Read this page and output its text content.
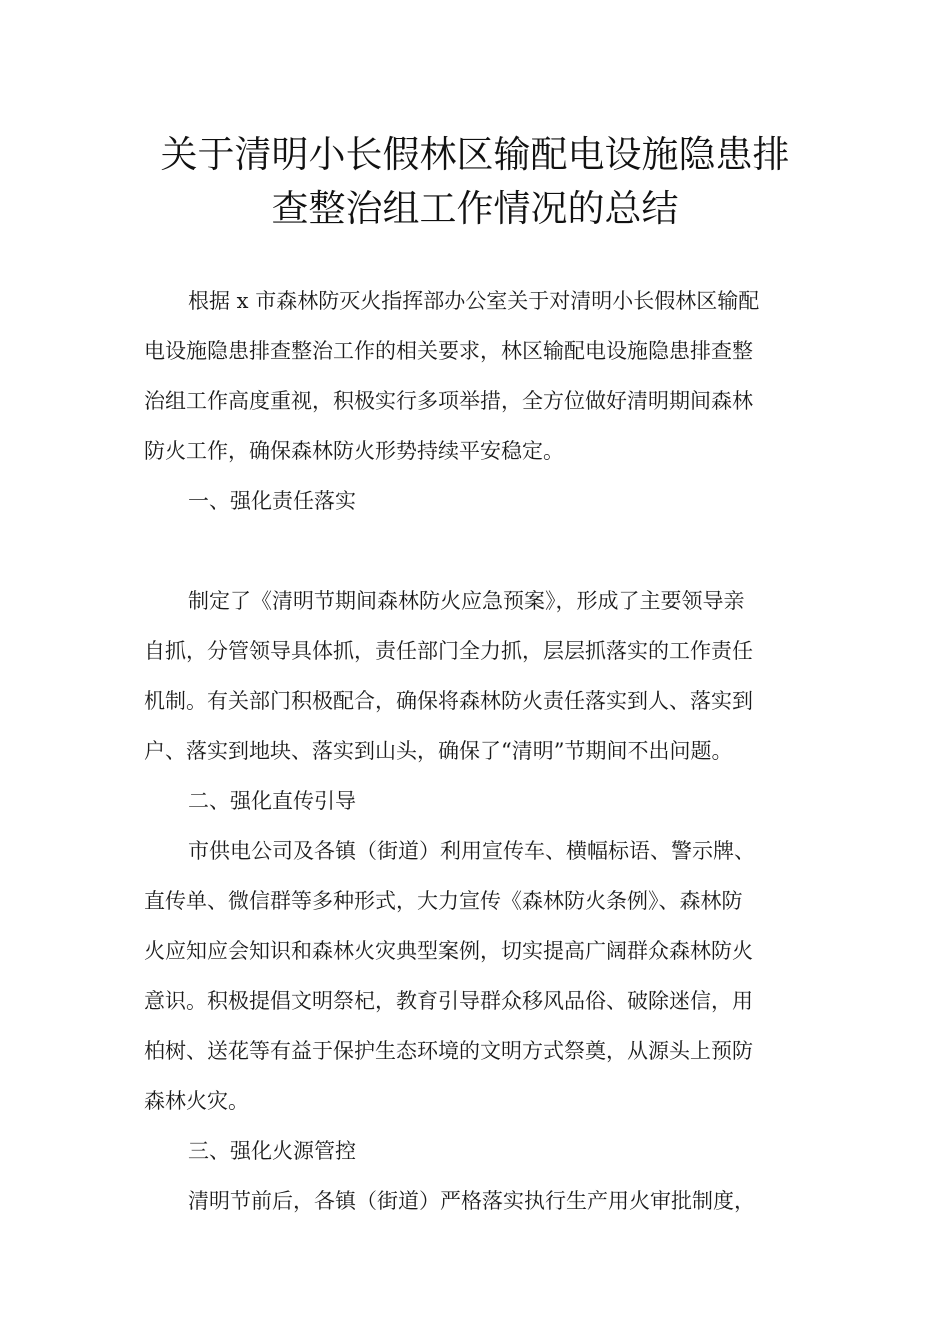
关于清明小长假林区输配电设施隐患排
查整治组工作情况的总结
根据 x 市森林防灭火指挥部办公室关于对清明小长假林区输配
电设施隐患排查整治工作的相关要求，林区输配电设施隐患排查整
治组工作高度重视，积极实行多项举措，全方位做好清明期间森林
防火工作，确保森林防火形势持续平安稳定。
一、强化责任落实
制定了《清明节期间森林防火应急预案》，形成了主要领导亲
自抓，分管领导具体抓，责任部门全力抓，层层抓落实的工作责任
机制。有关部门积极配合，确保将森林防火责任落实到人、落实到
户、落实到地块、落实到山头，确保了“清明”节期间不出问题。
二、强化直传引导
市供电公司及各镇（街道）利用宣传车、横幅标语、警示牌、
直传单、微信群等多种形式，大力宣传《森林防火条例》、森林防
火应知应会知识和森林火灾典型案例，切实提高广阔群众森林防火
意识。积极提倡文明祭杞，教育引导群众移风品俗、破除迷信，用
柏树、送花等有益于保护生态环境的文明方式祭奠，从源头上预防
森林火灾。
三、强化火源管控
清明节前后，各镇（街道）严格落实执行生产用火审批制度，
